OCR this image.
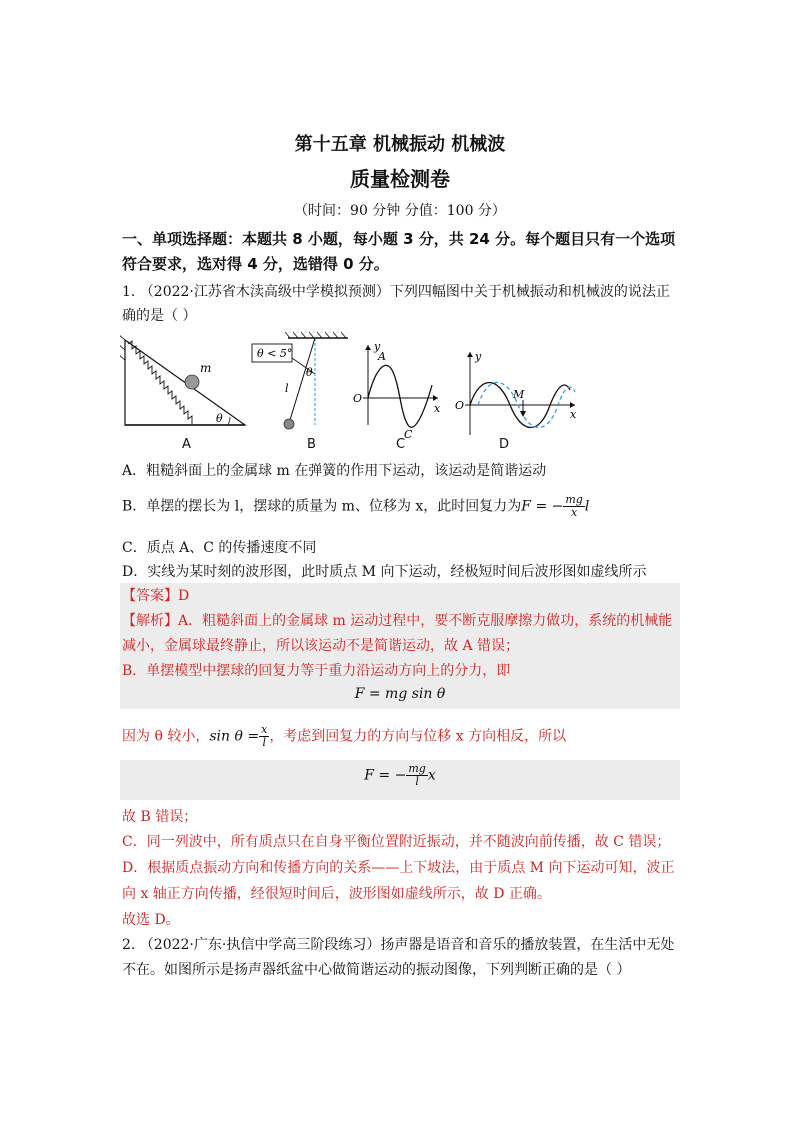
第十五章 机械振动 机械波
质量检测卷
（时间：90 分钟 分值：100 分）
一、单项选择题：本题共 8 小题，每小题 3 分，共 24 分。每个题目只有一个选项
符合要求，选对得 4 分，选错得 0 分。
1. （2022·江苏省木渎高级中学模拟预测）下列四幅图中关于机械振动和机械波的说法正
确的是（ ）
m
θ
θ < 5°
θ
l
y
x
O
A
C
y
x
O
M
A	B	C	D
A．粗糙斜面上的金属球 m 在弹簧的作用下运动，该运动是简谐运动
B．单摆的摆长为 l，摆球的质量为 m、位移为 x，此时回复力为F = − $\frac{mg}{x}$ l
C．质点 A、C 的传播速度不同
D．实线为某时刻的波形图，此时质点 M 向下运动，经极短时间后波形图如虚线所示
【答案】D
【解析】A．粗糙斜面上的金属球 m 运动过程中，要不断克服摩擦力做功，系统的机械能
减小，金属球最终静止，所以该运动不是简谐运动，故 A 错误；
B．单摆模型中摆球的回复力等于重力沿运动方向上的分力，即
F = mg sin θ
因为 θ 较小，$\sin \theta = \frac{x}{l}$ ，考虑到回复力的方向与位移 x 方向相反，所以
F = − $\frac{mg}{l}$ x
故 B 错误；
C．同一列波中，所有质点只在自身平衡位置附近振动，并不随波向前传播，故 C 错误；
D．根据质点振动方向和传播方向的关系——上下坡法，由于质点 M 向下运动可知，波正
向 x 轴正方向传播，经很短时间后，波形图如虚线所示，故 D 正确。
故选 D。
2. （2022·广东·执信中学高三阶段练习）扬声器是语音和音乐的播放装置，在生活中无处
不在。如图所示是扬声器纸盆中心做简谐运动的振动图像，下列判断正确的是（ ）
